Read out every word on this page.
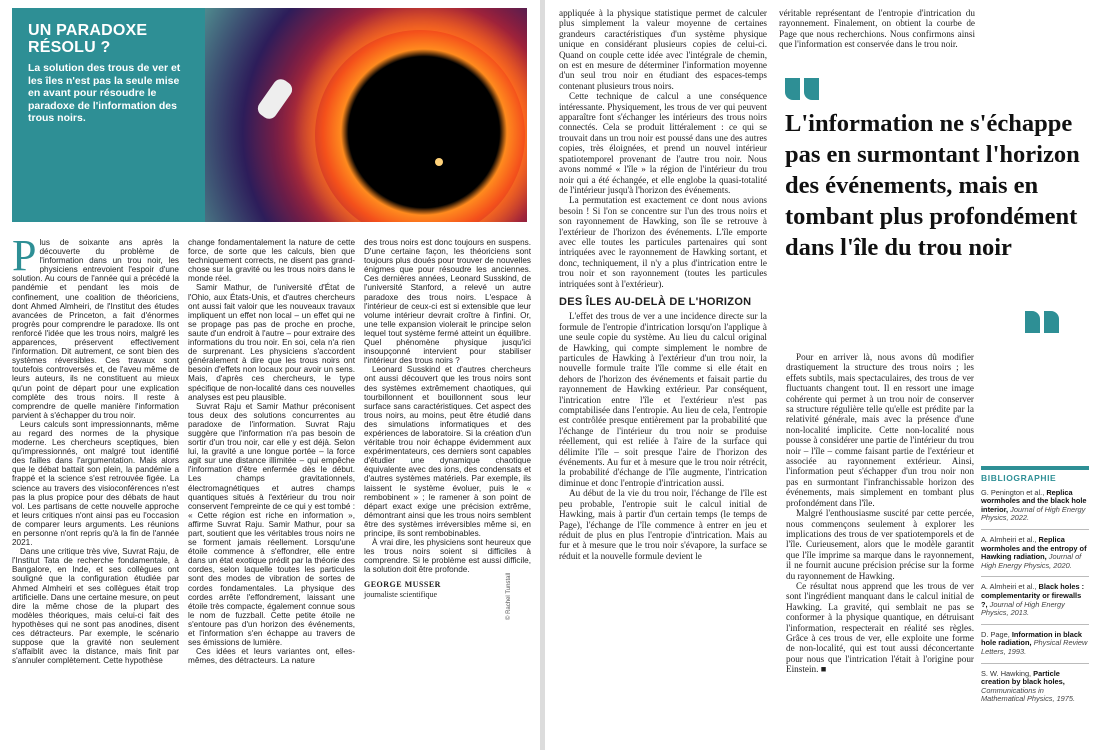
UN PARADOXE RÉSOLU ?

La solution des trous de ver et les îles n'est pas la seule mise en avant pour résoudre le paradoxe de l'information des trous noirs.

Plus de soixante ans après la découverte du problème de l'information dans un trou noir, les physiciens entrevoient l'espoir d'une solution. Au cours de l'année qui a précédé la pandémie et pendant les mois de confinement, une coalition de théoriciens, dont Ahmed Almheiri, de l'Institut des études avancées de Princeton, a fait d'énormes progrès pour comprendre le paradoxe. Ils ont renforcé l'idée que les trous noirs, malgré les apparences, préservent effectivement l'information. Dit autrement, ce sont bien des systèmes réversibles. Ces travaux sont toutefois controversés et, de l'aveu même de leurs auteurs, ils ne constituent au mieux qu'un point de départ pour une explication complète des trous noirs. Il reste à comprendre de quelle manière l'information parvient à s'échapper du trou noir.

Leurs calculs sont impressionnants, même au regard des normes de la physique moderne. Les chercheurs sceptiques, bien qu'impressionnés, ont malgré tout identifié des failles dans l'argumentation. Mais alors que le débat battait son plein, la pandémie a frappé et la science s'est retrouvée figée. La science au travers des visioconférences n'est pas la plus propice pour des débats de haut vol. Les partisans de cette nouvelle approche et leurs critiques n'ont ainsi pas eu l'occasion de comparer leurs arguments. Les réunions en personne n'ont repris qu'à la fin de l'année 2021.

Dans une critique très vive, Suvrat Raju, de l'Institut Tata de recherche fondamentale, à Bangalore, en Inde, et ses collègues ont souligné que la configuration étudiée par Ahmed Almheiri et ses collègues était trop artificielle. Dans une certaine mesure, on peut dire la même chose de la plupart des modèles théoriques, mais celui-ci fait des hypothèses qui ne sont pas anodines, disent ces détracteurs. Par exemple, le scénario suppose que la gravité non seulement s'affaiblit avec la distance, mais finit par s'annuler complètement. Cette hypothèse

change fondamentalement la nature de cette force, de sorte que les calculs, bien que techniquement corrects, ne disent pas grand-chose sur la gravité ou les trous noirs dans le monde réel.

Samir Mathur, de l'université d'État de l'Ohio, aux États-Unis, et d'autres chercheurs ont aussi fait valoir que les nouveaux travaux impliquent un effet non local – un effet qui ne se propage pas pas de proche en proche, saute d'un endroit à l'autre – pour extraire des informations du trou noir. En soi, cela n'a rien de surprenant. Les physiciens s'accordent généralement à dire que les trous noirs ont besoin d'effets non locaux pour avoir un sens. Mais, d'après ces chercheurs, le type spécifique de non-localité dans ces nouvelles analyses est peu plausible.

Suvrat Raju et Samir Mathur préconisent tous deux des solutions concurrentes au paradoxe de l'information. Suvrat Raju suggère que l'information n'a pas besoin de sortir d'un trou noir, car elle y est déjà. Selon lui, la gravité a une longue portée – la force agit sur une distance illimitée – qui empêche l'information d'être enfermée dès le début. Les champs gravitationnels, électromagnétiques et autres champs quantiques situés à l'extérieur du trou noir conservent l'empreinte de ce qui y est tombé : « Cette région est riche en information », affirme Suvrat Raju. Samir Mathur, pour sa part, soutient que les véritables trous noirs ne se forment jamais réellement. Lorsqu'une étoile commence à s'effondrer, elle entre dans un état exotique prédit par la théorie des cordes, selon laquelle toutes les particules sont des modes de vibration de sortes de cordes fondamentales. La physique des cordes arrête l'effondrement, laissant une étoile très compacte, également connue sous le nom de fuzzball. Cette petite étoile ne s'entoure pas d'un horizon des événements, et l'information s'en échappe au travers de ses émissions de lumière.

Ces idées et leurs variantes ont, elles-mêmes, des détracteurs. La nature

des trous noirs est donc toujours en suspens. D'une certaine façon, les théoriciens sont toujours plus doués pour trouver de nouvelles énigmes que pour résoudre les anciennes. Ces dernières années, Leonard Susskind, de l'université Stanford, a relevé un autre paradoxe des trous noirs. L'espace à l'intérieur de ceux-ci est si extensible que leur volume intérieur devrait croître à l'infini. Or, une telle expansion violerait le principe selon lequel tout système fermé atteint un équilibre. Quel phénomène physique jusqu'ici insoupçonné intervient pour stabiliser l'intérieur des trous noirs ?

Leonard Susskind et d'autres chercheurs ont aussi découvert que les trous noirs sont des systèmes extrêmement chaotiques, qui tourbillonnent et bouillonnent sous leur surface sans caractéristiques. Cet aspect des trous noirs, au moins, peut être étudié dans des simulations informatiques et des expériences de laboratoire. Si la création d'un véritable trou noir échappe évidemment aux expérimentateurs, ces derniers sont capables d'étudier une dynamique chaotique équivalente avec des ions, des condensats et d'autres systèmes matériels. Par exemple, ils laissent le système évoluer, puis le « rembobinent » ; le ramener à son point de départ exact exige une précision extrême, démontrant ainsi que les trous noirs semblent être des systèmes irréversibles même si, en principe, ils sont rembobinables.

À vrai dire, les physiciens sont heureux que les trous noirs soient si difficiles à comprendre. Si le problème est aussi difficile, la solution doit être profonde.

GEORGE MUSSER

journaliste scientifique	© Rachel Tunstall

appliquée à la physique statistique permet de calculer plus simplement la valeur moyenne de certaines grandeurs caractéristiques d'un système physique unique en considérant plusieurs copies de celui-ci. Quand on couple cette idée avec l'intégrale de chemin, on est en mesure de déterminer l'information moyenne d'un seul trou noir en étudiant des espaces-temps contenant plusieurs trous noirs.

Cette technique de calcul a une conséquence intéressante. Physiquement, les trous de ver qui peuvent apparaître font s'échanger les intérieurs des trous noirs connectés. Cela se produit littéralement : ce qui se trouvait dans un trou noir est poussé dans une des autres copies, très éloignées, et prend un nouvel intérieur spatiotemporel provenant de l'autre trou noir. Nous avons nommé « l'île » la région de l'intérieur du trou noir qui a été échangée, et elle englobe la quasi-totalité de l'intérieur jusqu'à l'horizon des événements.

La permutation est exactement ce dont nous avions besoin ! Si l'on se concentre sur l'un des trous noirs et son rayonnement de Hawking, son île se retrouve à l'extérieur de l'horizon des événements. L'île emporte avec elle toutes les particules partenaires qui sont intriquées avec le rayonnement de Hawking sortant, et donc, techniquement, il n'y a plus d'intrication entre le trou noir et son rayonnement (toutes les particules intriquées sont à l'extérieur).

DES ÎLES AU-DELÀ DE L'HORIZON

L'effet des trous de ver a une incidence directe sur la formule de l'entropie d'intrication lorsqu'on l'applique à une seule copie du système. Au lieu du calcul original de Hawking, qui compte simplement le nombre de particules de Hawking à l'extérieur d'un trou noir, la nouvelle formule traite l'île comme si elle était en dehors de l'horizon des événements et faisait partie du rayonnement de Hawking extérieur. Par conséquent, l'intrication entre l'île et l'extérieur n'est pas comptabilisée dans l'entropie. Au lieu de cela, l'entropie est contrôlée presque entièrement par la probabilité que l'échange de l'intérieur du trou noir se produise réellement, qui est reliée à l'aire de la surface qui délimite l'île – soit presque l'aire de l'horizon des événements. Au fur et à mesure que le trou noir rétrécit, la probabilité d'échange de l'île augmente, l'intrication diminue et donc l'entropie d'intrication aussi.

Au début de la vie du trou noir, l'échange de l'île est peu probable, l'entropie suit le calcul initial de Hawking, mais à partir d'un certain temps (le temps de Page), l'échange de l'île commence à entrer en jeu et réduit de plus en plus l'entropie d'intrication. Mais au fur et à mesure que le trou noir s'évapore, la surface se réduit et la nouvelle formule devient le

véritable représentant de l'entropie d'intrication du rayonnement. Finalement, on obtient la courbe de Page que nous recherchions. Nous confirmons ainsi que l'information est conservée dans le trou noir.

L'information ne s'échappe pas en surmontant l'horizon des événements, mais en tombant plus profondément dans l'île du trou noir

Pour en arriver là, nous avons dû modifier drastiquement la structure des trous noirs ; les effets subtils, mais spectaculaires, des trous de ver fluctuants changent tout. Il en ressort une image cohérente qui permet à un trou noir de conserver sa structure régulière telle qu'elle est prédite par la relativité générale, mais avec la présence d'une non-localité implicite. Cette non-localité nous pousse à considérer une partie de l'intérieur du trou noir – l'île – comme faisant partie de l'extérieur et associée au rayonnement extérieur. Ainsi, l'information peut s'échapper d'un trou noir non pas en surmontant l'infranchissable horizon des événements, mais simplement en tombant plus profondément dans l'île.

Malgré l'enthousiasme suscité par cette percée, nous commençons seulement à explorer les implications des trous de ver spatiotemporels et de l'île. Curieusement, alors que le modèle garantit que l'île imprime sa marque dans le rayonnement, il ne fournit aucune précision précise sur la forme du rayonnement de Hawking.

Ce résultat nous apprend que les trous de ver sont l'ingrédient manquant dans le calcul initial de Hawking. La gravité, qui semblait ne pas se conformer à la physique quantique, en détruisant l'information, respecterait en réalité ses règles. Grâce à ces trous de ver, elle exploite une forme de non-localité, qui est tout aussi déconcertante pour nous que l'intrication l'était à l'origine pour Einstein. ■

BIBLIOGRAPHIE
G. Penington et al., Replica wormholes and the black hole interior, Journal of High Energy Physics, 2022.
A. Almheiri et al., Replica wormholes and the entropy of Hawking radiation, Journal of High Energy Physics, 2020.
A. Almheiri et al., Black holes : complementarity or firewalls ?, Journal of High Energy Physics, 2013.
D. Page, Information in black hole radiation, Physical Review Letters, 1993.
S. W. Hawking, Particle creation by black holes, Communications in Mathematical Physics, 1975.
